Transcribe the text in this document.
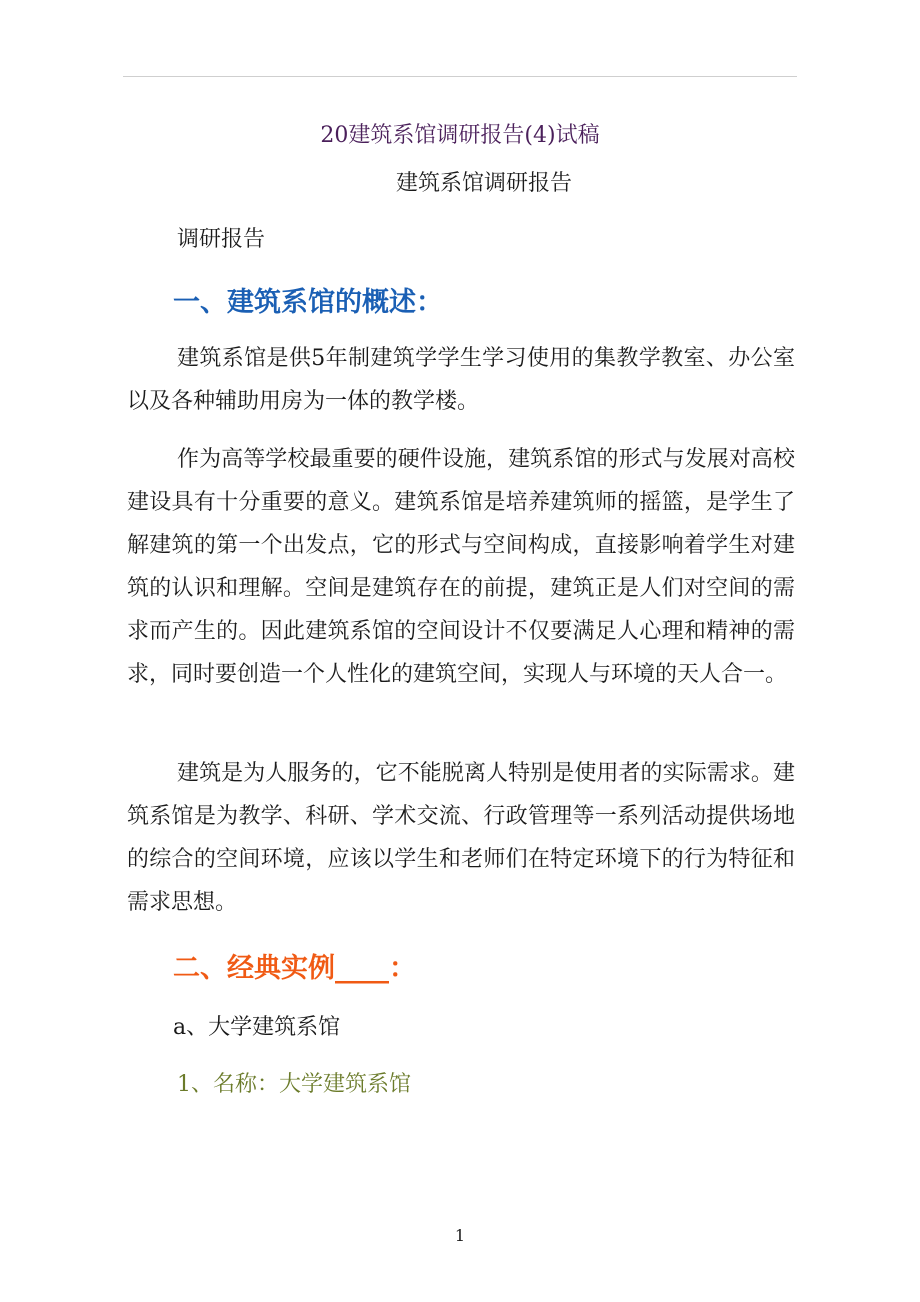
20建筑系馆调研报告(4)试稿
建筑系馆调研报告
调研报告
一、建筑系馆的概述：
建筑系馆是供5年制建筑学学生学习使用的集教学教室、办公室以及各种辅助用房为一体的教学楼。
作为高等学校最重要的硬件设施，建筑系馆的形式与发展对高校建设具有十分重要的意义。建筑系馆是培养建筑师的摇篮，是学生了解建筑的第一个出发点，它的形式与空间构成，直接影响着学生对建筑的认识和理解。空间是建筑存在的前提，建筑正是人们对空间的需求而产生的。因此建筑系馆的空间设计不仅要满足人心理和精神的需求，同时要创造一个人性化的建筑空间，实现人与环境的天人合一。
建筑是为人服务的，它不能脱离人特别是使用者的实际需求。建筑系馆是为教学、科研、学术交流、行政管理等一系列活动提供场地的综合的空间环境，应该以学生和老师们在特定环境下的行为特征和需求思想。
二、经典实例____：
a、大学建筑系馆
1、名称：大学建筑系馆
1
